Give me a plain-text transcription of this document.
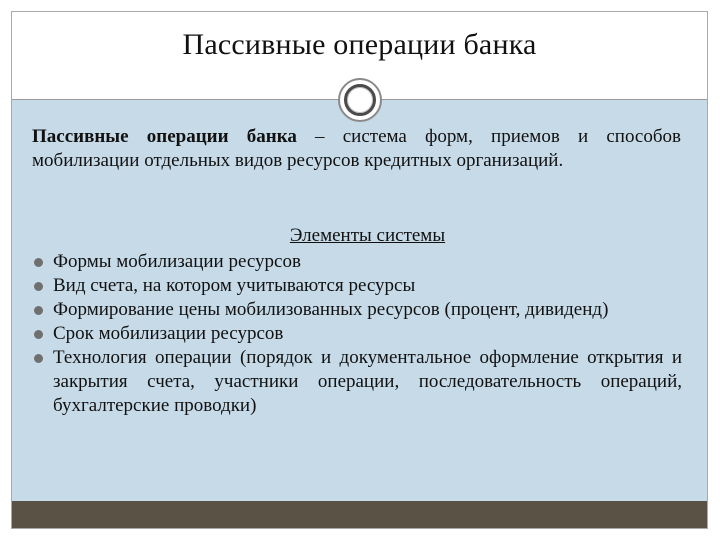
Пассивные операции банка

Пассивные операции банка – система форм, приемов и способов мобилизации отдельных видов ресурсов кредитных организаций.

Элементы системы

Формы мобилизации ресурсов
Вид счета, на котором учитываются ресурсы
Формирование цены мобилизованных ресурсов (процент, дивиденд)
Срок мобилизации ресурсов
Технология операции (порядок и документальное оформление открытия и закрытия счета, участники операции, последовательность операций, бухгалтерские проводки)
